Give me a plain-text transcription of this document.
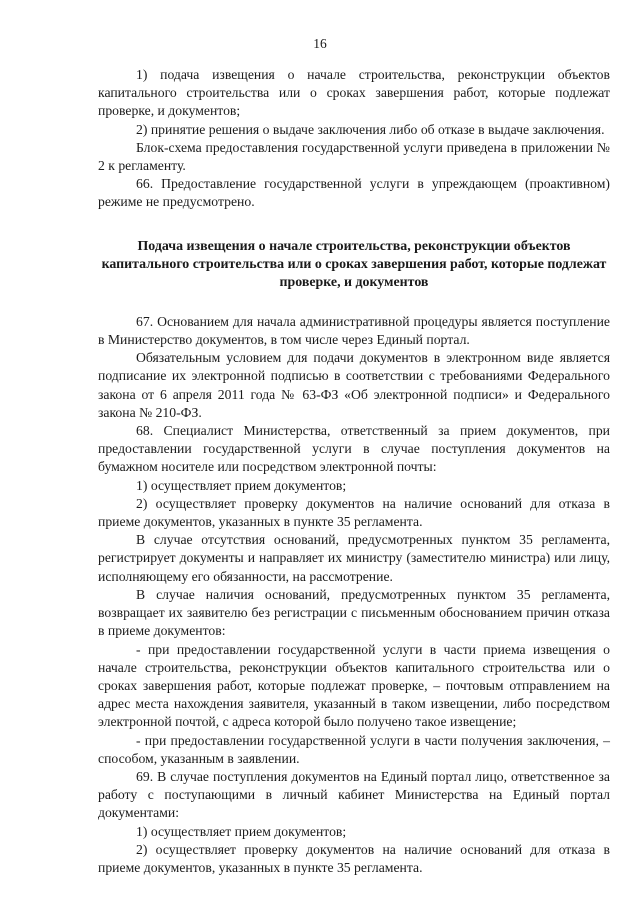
16

1) подача извещения о начале строительства, реконструкции объектов капитального строительства или о сроках завершения работ, которые подлежат проверке, и документов;

2) принятие решения о выдаче заключения либо об отказе в выдаче заключения.

Блок-схема предоставления государственной услуги приведена в приложении № 2 к регламенту.

66. Предоставление государственной услуги в упреждающем (проактивном) режиме не предусмотрено.

Подача извещения о начале строительства, реконструкции объектов капитального строительства или о сроках завершения работ, которые подлежат проверке, и документов

67. Основанием для начала административной процедуры является поступление в Министерство документов, в том числе через Единый портал.

Обязательным условием для подачи документов в электронном виде является подписание их электронной подписью в соответствии с требованиями Федерального закона от 6 апреля 2011 года № 63-ФЗ «Об электронной подписи» и Федерального закона № 210-ФЗ.

68. Специалист Министерства, ответственный за прием документов, при предоставлении государственной услуги в случае поступления документов на бумажном носителе или посредством электронной почты:

1) осуществляет прием документов;

2) осуществляет проверку документов на наличие оснований для отказа в приеме документов, указанных в пункте 35 регламента.

В случае отсутствия оснований, предусмотренных пунктом 35 регламента, регистрирует документы и направляет их министру (заместителю министра) или лицу, исполняющему его обязанности, на рассмотрение.

В случае наличия оснований, предусмотренных пунктом 35 регламента, возвращает их заявителю без регистрации с письменным обоснованием причин отказа в приеме документов:

- при предоставлении государственной услуги в части приема извещения о начале строительства, реконструкции объектов капитального строительства или о сроках завершения работ, которые подлежат проверке, – почтовым отправлением на адрес места нахождения заявителя, указанный в таком извещении, либо посредством электронной почтой, с адреса которой было получено такое извещение;

- при предоставлении государственной услуги в части получения заключения, – способом, указанным в заявлении.

69. В случае поступления документов на Единый портал лицо, ответственное за работу с поступающими в личный кабинет Министерства на Единый портал документами:

1) осуществляет прием документов;

2) осуществляет проверку документов на наличие оснований для отказа в приеме документов, указанных в пункте 35 регламента.
